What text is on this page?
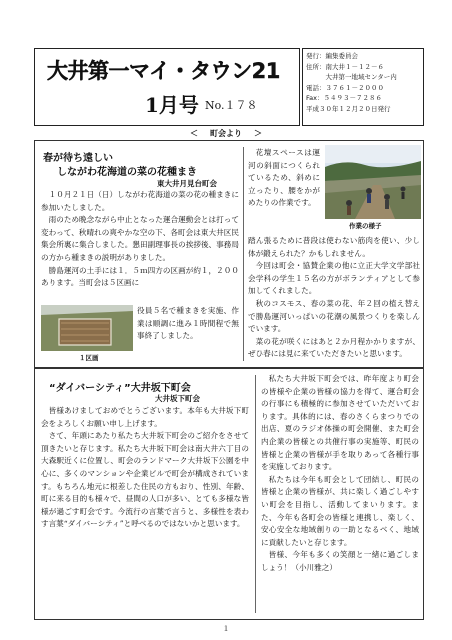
大井第一マイ・タウン21
1月号 No.１７８
発行：編集委員会
住所：南大井１－１２－６
　　　大井第一地域センター内
電話：３７６１－２０００
Fax：５４９３－７２８６
平成３０年１２月２０日発行
＜ 町会より ＞
春が待ち遠しい
しながわ花海道の菜の花種まき
東大井月見台町会

１０月２１日（日）しながわ花海道の菜の花の種まきに参加いたしました。

雨のため晩念ながら中止となった運合運動会とは打って変わって、秋晴れの爽やかな空の下、各町会は東大井区民集会所裏に集合しました。懇田副理事長の挨拶後、事務局の方から種まきの説明がありました。

勝島運河の土手には１．５ｍ四方の区画が約１，２００あります。当町会は５区画に

１区画
役員５名で種まきを実施、作業は順調に進み１時間程で無事終了しました。

花壇スペースは運河の斜面につくられているため、斜めに立ったり、腰をかがめたりの作業です。

作業の様子
踏ん張るために普段は使わない筋肉を使い、少し体が鍛えられた？かもしれません。

今回は町会・協賛企業の他に立正大学文学部社会学科の学生１５名の方がボランティアとして参加してくれました。

秋のコスモス、春の菜の花、年２回の植え替えで勝島運河いっぱいの花潮の風景つくりを楽しんでいます。

菜の花が咲くにはあと２か月程かかりますが、ぜひ春には見に来ていただきたいと思います。

“ダイバーシティ”大井坂下町会
大井坂下町会

皆様あけましておめでとうございます。本年も大井坂下町会をよろしくお願い申し上げます。

さて、年頭にあたり私たち大井坂下町会のご紹介をさせて頂きたいと存じます。私たち大井坂下町会は南大井六丁目の大森駅近くに位置し、町会のランドマーク大井坂下公園を中心に、多くのマンションや企業ビルで町会が構成されています。もちろん地元に根差した住民の方もおり、性別、年齢、町に来る目的も様々で、昼間の人口が多い、とても多様な皆様が過ごす町会です。今流行の言葉で言うと、多様性を表わす言葉“ダイバーシティ”と呼べるのではないかと思います。

私たち大井坂下町会では、昨年度より町会の皆様や企業の皆様の協力を得て、運合町会の行事にも積極的に参加させていただいております。具体的には、春のさくらまつりでの出店、夏のラジオ体操の町会開催、また町会内企業の皆様との共催行事の実施等、町民の皆様と企業の皆様が手を取りあって各種行事を実施しております。

私たちは今年も町会として団結し、町民の皆様と企業の皆様が、共に楽しく過ごしやすい町会を目指し、活動してまいります。また、今年も各町会の皆様と連携し、楽しく、安心安全な地域創りの一助となるべく、地域に貢献したいと存じます。

皆様、今年も多くの笑顔と一緒に過ごしましょう！（小川雅之）

１
